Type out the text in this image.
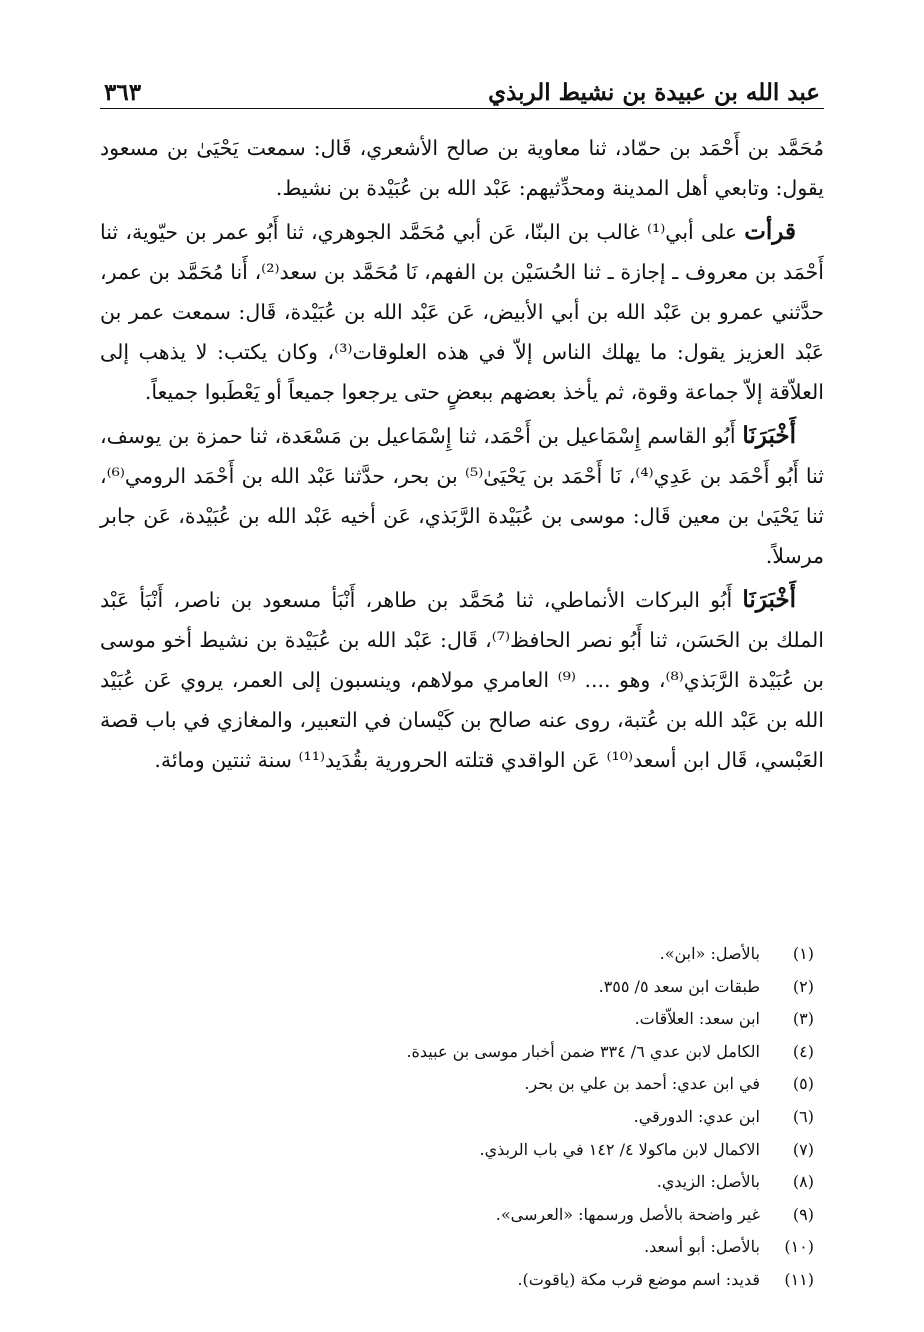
عبد الله بن عبيدة بن نشيط الربذي
٣٦٣

مُحَمَّد بن أَحْمَد بن حمّاد، ثنا معاوية بن صالح الأشعري، قَال: سمعت يَحْيَىٰ بن مسعود يقول: وتابعي أهل المدينة ومحدِّثيهم: عَبْد الله بن عُبَيْدة بن نشيط.

قرأت على أبي⁽¹⁾ غالب بن البنّا، عَن أبي مُحَمَّد الجوهري، ثنا أَبُو عمر بن حيّوية، ثنا أَحْمَد بن معروف ـ إجازة ـ ثنا الحُسَيْن بن الفهم، نَا مُحَمَّد بن سعد⁽²⁾، أَنا مُحَمَّد بن عمر، حدَّثني عمرو بن عَبْد الله بن أبي الأبيض، عَن عَبْد الله بن عُبَيْدة، قَال: سمعت عمر بن عَبْد العزيز يقول: ما يهلك الناس إلاّ في هذه العلوقات⁽³⁾، وكان يكتب: لا يذهب إلى العلاّقة إلاّ جماعة وقوة، ثم يأخذ بعضهم ببعضٍ حتى يرجعوا جميعاً أو يَعْطَبوا جميعاً.

أَخْبَرَنَا أَبُو القاسم إِسْمَاعيل بن أَحْمَد، ثنا إِسْمَاعيل بن مَسْعَدة، ثنا حمزة بن يوسف، ثنا أَبُو أَحْمَد بن عَدِي⁽⁴⁾، نَا أَحْمَد بن يَحْيَىٰ⁽⁵⁾ بن بحر، حدَّثنا عَبْد الله بن أَحْمَد الرومي⁽⁶⁾، ثنا يَحْيَىٰ بن معين قَال: موسى بن عُبَيْدة الرَّبَذي، عَن أخيه عَبْد الله بن عُبَيْدة، عَن جابر مرسلاً.

أَخْبَرَنَا أَبُو البركات الأنماطي، ثنا مُحَمَّد بن طاهر، أَنْبَأ مسعود بن ناصر، أَنْبَأ عَبْد الملك بن الحَسَن، ثنا أَبُو نصر الحافظ⁽⁷⁾، قَال: عَبْد الله بن عُبَيْدة بن نشيط أخو موسى بن عُبَيْدة الرَّبَذي⁽⁸⁾، وهو .... ⁽⁹⁾ العامري مولاهم، وينسبون إلى العمر، يروي عَن عُبَيْد الله بن عَبْد الله بن عُتبة، روى عنه صالح بن كَيْسان في التعبير، والمغازي في باب قصة العَبْسي، قَال ابن أسعد⁽¹⁰⁾ عَن الواقدي قتلته الحرورية بقُدَيد⁽¹¹⁾ سنة ثنتين ومائة.

(١)
بالأصل: «ابن».
(٢)
طبقات ابن سعد ٥/ ٣٥٥.
(٣)
ابن سعد: العلاّقات.
(٤)
الكامل لابن عدي ٦/ ٣٣٤ ضمن أخبار موسى بن عبيدة.
(٥)
في ابن عدي: أحمد بن علي بن بحر.
(٦)
ابن عدي: الدورقي.
(٧)
الاكمال لابن ماكولا ٤/ ١٤٢ في باب الربذي.
(٨)
بالأصل: الزيدي.
(٩)
غير واضحة بالأصل ورسمها: «العرسى».
(١٠)
بالأصل: أبو أسعد.
(١١)
قديد: اسم موضع قرب مكة (ياقوت).
